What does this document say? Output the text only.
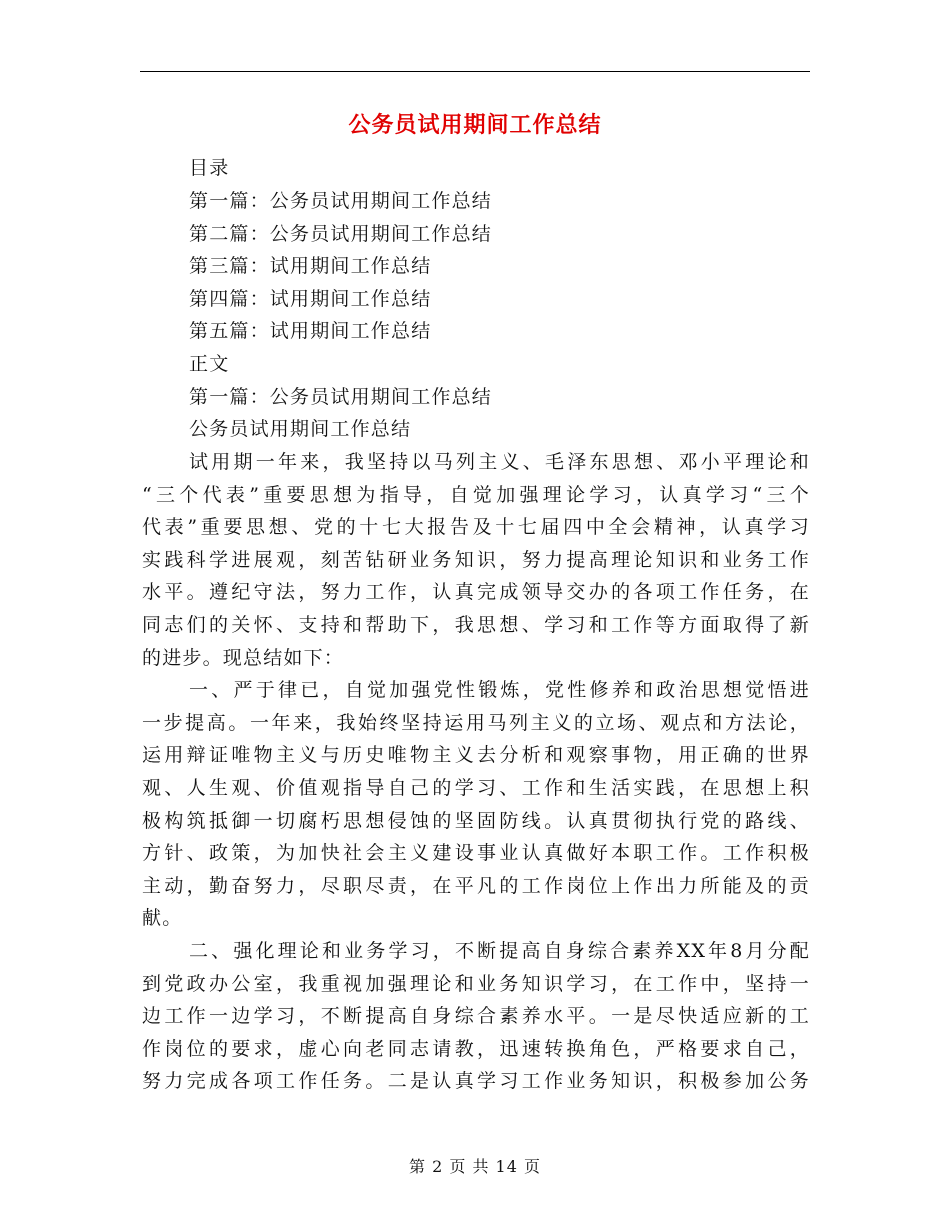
公务员试用期间工作总结
目录
第一篇：公务员试用期间工作总结
第二篇：公务员试用期间工作总结
第三篇：试用期间工作总结
第四篇：试用期间工作总结
第五篇：试用期间工作总结
正文
第一篇：公务员试用期间工作总结
公务员试用期间工作总结
试用期一年来，我坚持以马列主义、毛泽东思想、邓小平理论和
“三个代表”重要思想为指导，自觉加强理论学习，认真学习“三个
代表”重要思想、党的十七大报告及十七届四中全会精神，认真学习
实践科学进展观，刻苦钻研业务知识，努力提高理论知识和业务工作
水平。遵纪守法，努力工作，认真完成领导交办的各项工作任务，在
同志们的关怀、支持和帮助下，我思想、学习和工作等方面取得了新
的进步。现总结如下：
一、严于律已，自觉加强党性锻炼，党性修养和政治思想觉悟进
一步提高。一年来，我始终坚持运用马列主义的立场、观点和方法论，
运用辩证唯物主义与历史唯物主义去分析和观察事物，用正确的世界
观、人生观、价值观指导自己的学习、工作和生活实践，在思想上积
极构筑抵御一切腐朽思想侵蚀的坚固防线。认真贯彻执行党的路线、
方针、政策，为加快社会主义建设事业认真做好本职工作。工作积极
主动，勤奋努力，尽职尽责，在平凡的工作岗位上作出力所能及的贡
献。
二、强化理论和业务学习，不断提高自身综合素养XX年8月分配
到党政办公室，我重视加强理论和业务知识学习，在工作中，坚持一
边工作一边学习，不断提高自身综合素养水平。一是尽快适应新的工
作岗位的要求，虚心向老同志请教，迅速转换角色，严格要求自己，
努力完成各项工作任务。二是认真学习工作业务知识，积极参加公务
第 2 页 共 14 页
